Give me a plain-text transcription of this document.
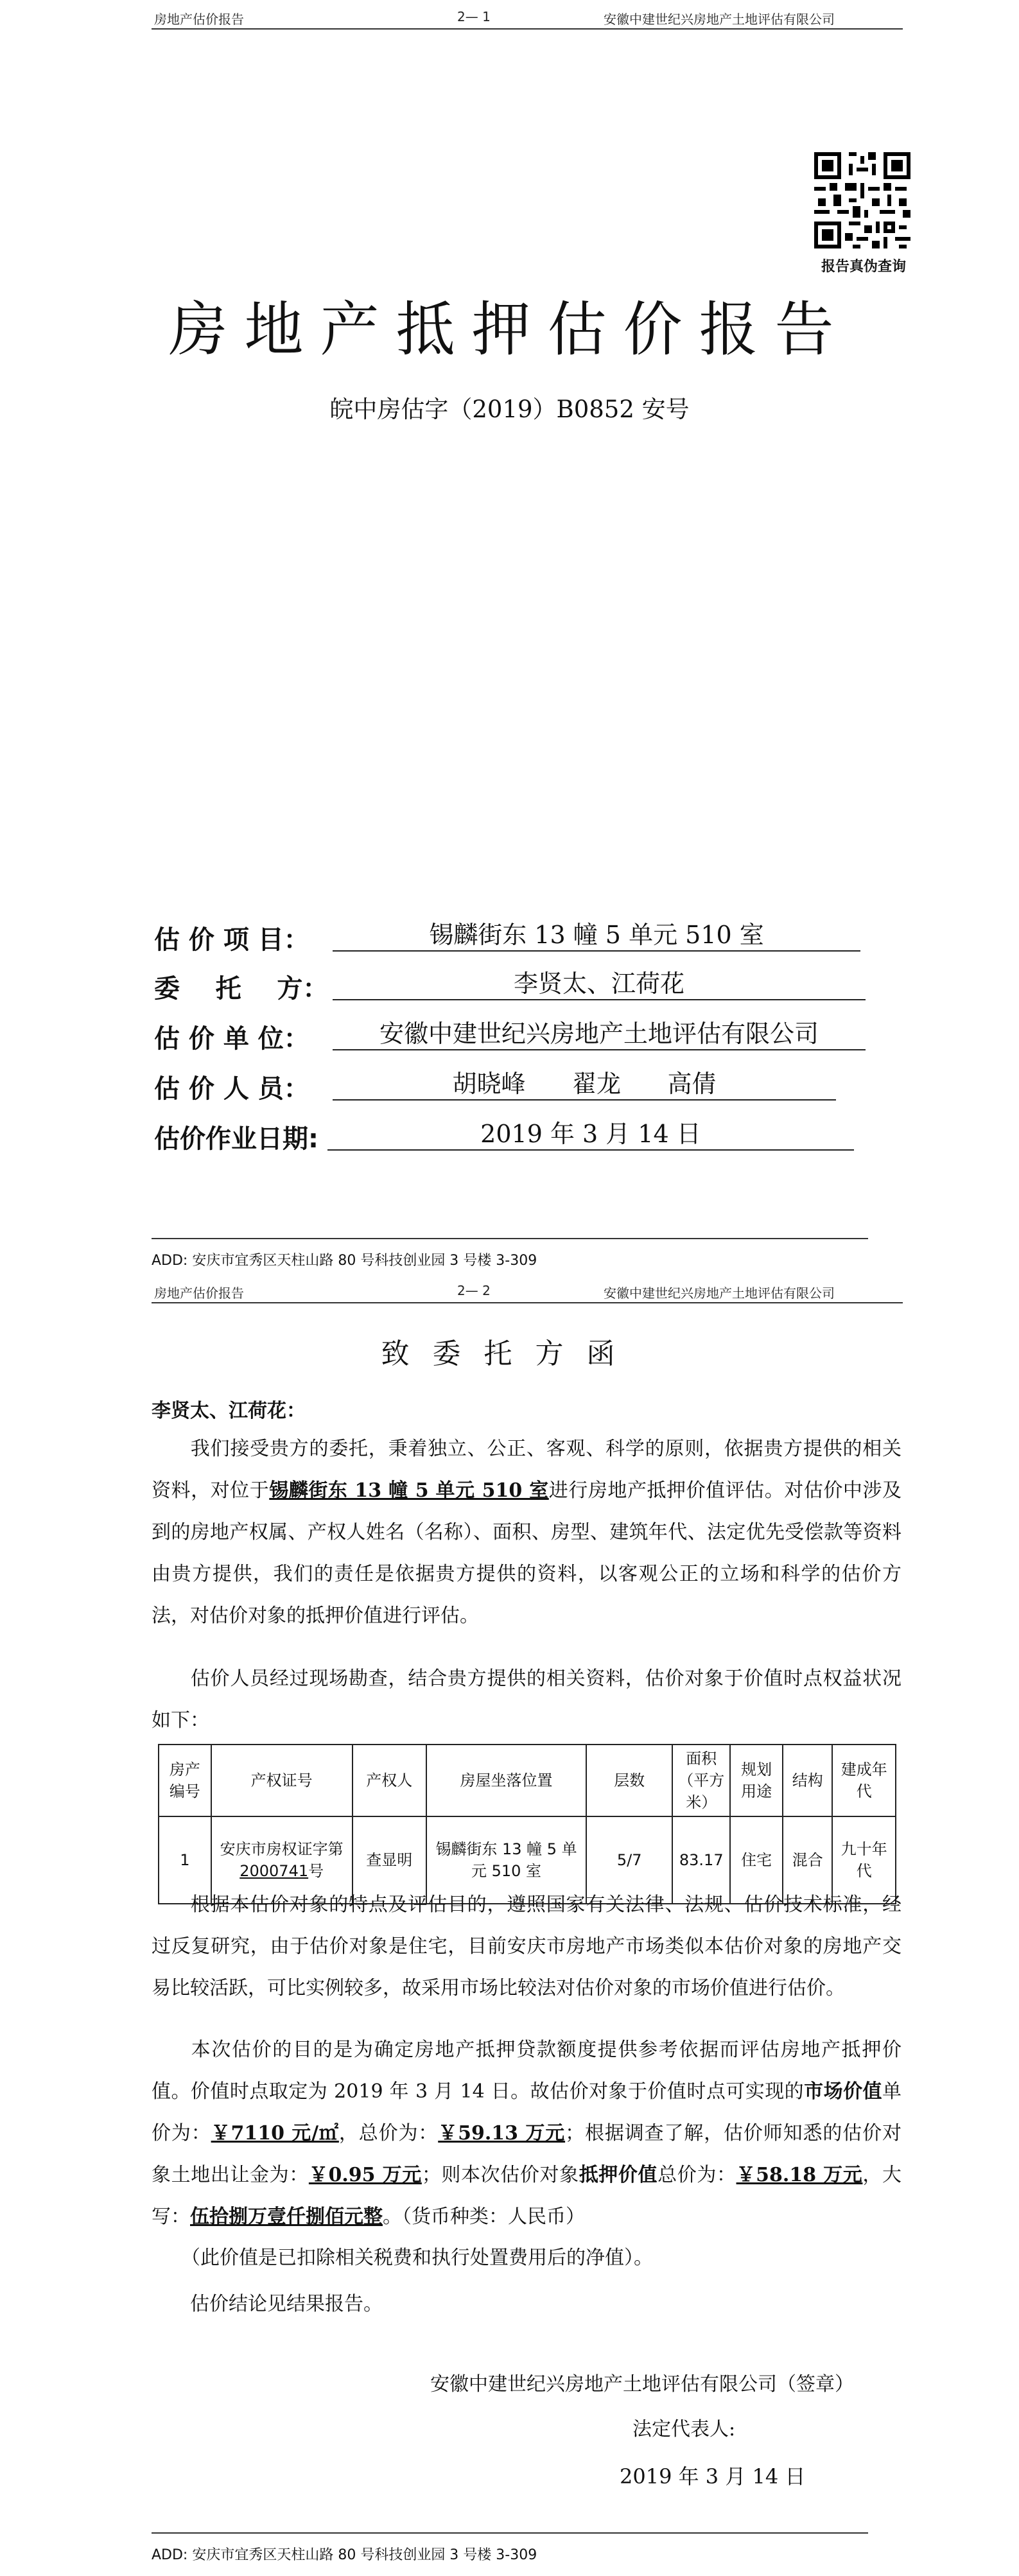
房地产估价报告	2— 1	安徽中建世纪兴房地产土地评估有限公司
报告真伪查询
房地产抵押估价报告
皖中房估字（2019）B0852 安号
估 价 项 目：	锡麟街东 13 幢 5 单元 510 室
委    托    方：	李贤太、江荷花
估 价 单 位：	安徽中建世纪兴房地产土地评估有限公司
估 价 人 员：	胡晓峰      翟龙      高倩
估价作业日期:	2019 年 3 月 14 日
ADD: 安庆市宜秀区天柱山路 80 号科技创业园 3 号楼 3-309
房地产估价报告	2— 2	安徽中建世纪兴房地产土地评估有限公司
致委托方函
李贤太、江荷花：
我们接受贵方的委托，秉着独立、公正、客观、科学的原则，依据贵方提供的相关资料，对位于锡麟街东 13 幢 5 单元 510 室进行房地产抵押价值评估。对估价中涉及到的房地产权属、产权人姓名（名称）、面积、房型、建筑年代、法定优先受偿款等资料由贵方提供，我们的责任是依据贵方提供的资料，以客观公正的立场和科学的估价方法，对估价对象的抵押价值进行评估。
估价人员经过现场勘查，结合贵方提供的相关资料，估价对象于价值时点权益状况如下：
房产编号	产权证号	产权人	房屋坐落位置	层数	面积（平方米）	规划用途	结构	建成年代
1	安庆市房权证字第2000741号	查显明	锡麟街东 13 幢 5 单元 510 室	5/7	83.17	住宅	混合	九十年代
根据本估价对象的特点及评估目的，遵照国家有关法律、法规、估价技术标准，经过反复研究，由于估价对象是住宅，目前安庆市房地产市场类似本估价对象的房地产交易比较活跃，可比实例较多，故采用市场比较法对估价对象的市场价值进行估价。
本次估价的目的是为确定房地产抵押贷款额度提供参考依据而评估房地产抵押价值。价值时点取定为 2019 年 3 月 14 日。故估价对象于价值时点可实现的市场价值单价为：￥7110 元/㎡，总价为：￥59.13 万元；根据调查了解，估价师知悉的估价对象土地出让金为：￥0.95 万元；则本次估价对象抵押价值总价为：￥58.18 万元，大写：伍拾捌万壹仟捌佰元整。（货币种类：人民币）
（此价值是已扣除相关税费和执行处置费用后的净值）。
估价结论见结果报告。
安徽中建世纪兴房地产土地评估有限公司（签章）
法定代表人:
2019 年 3 月 14 日
ADD: 安庆市宜秀区天柱山路 80 号科技创业园 3 号楼 3-309
